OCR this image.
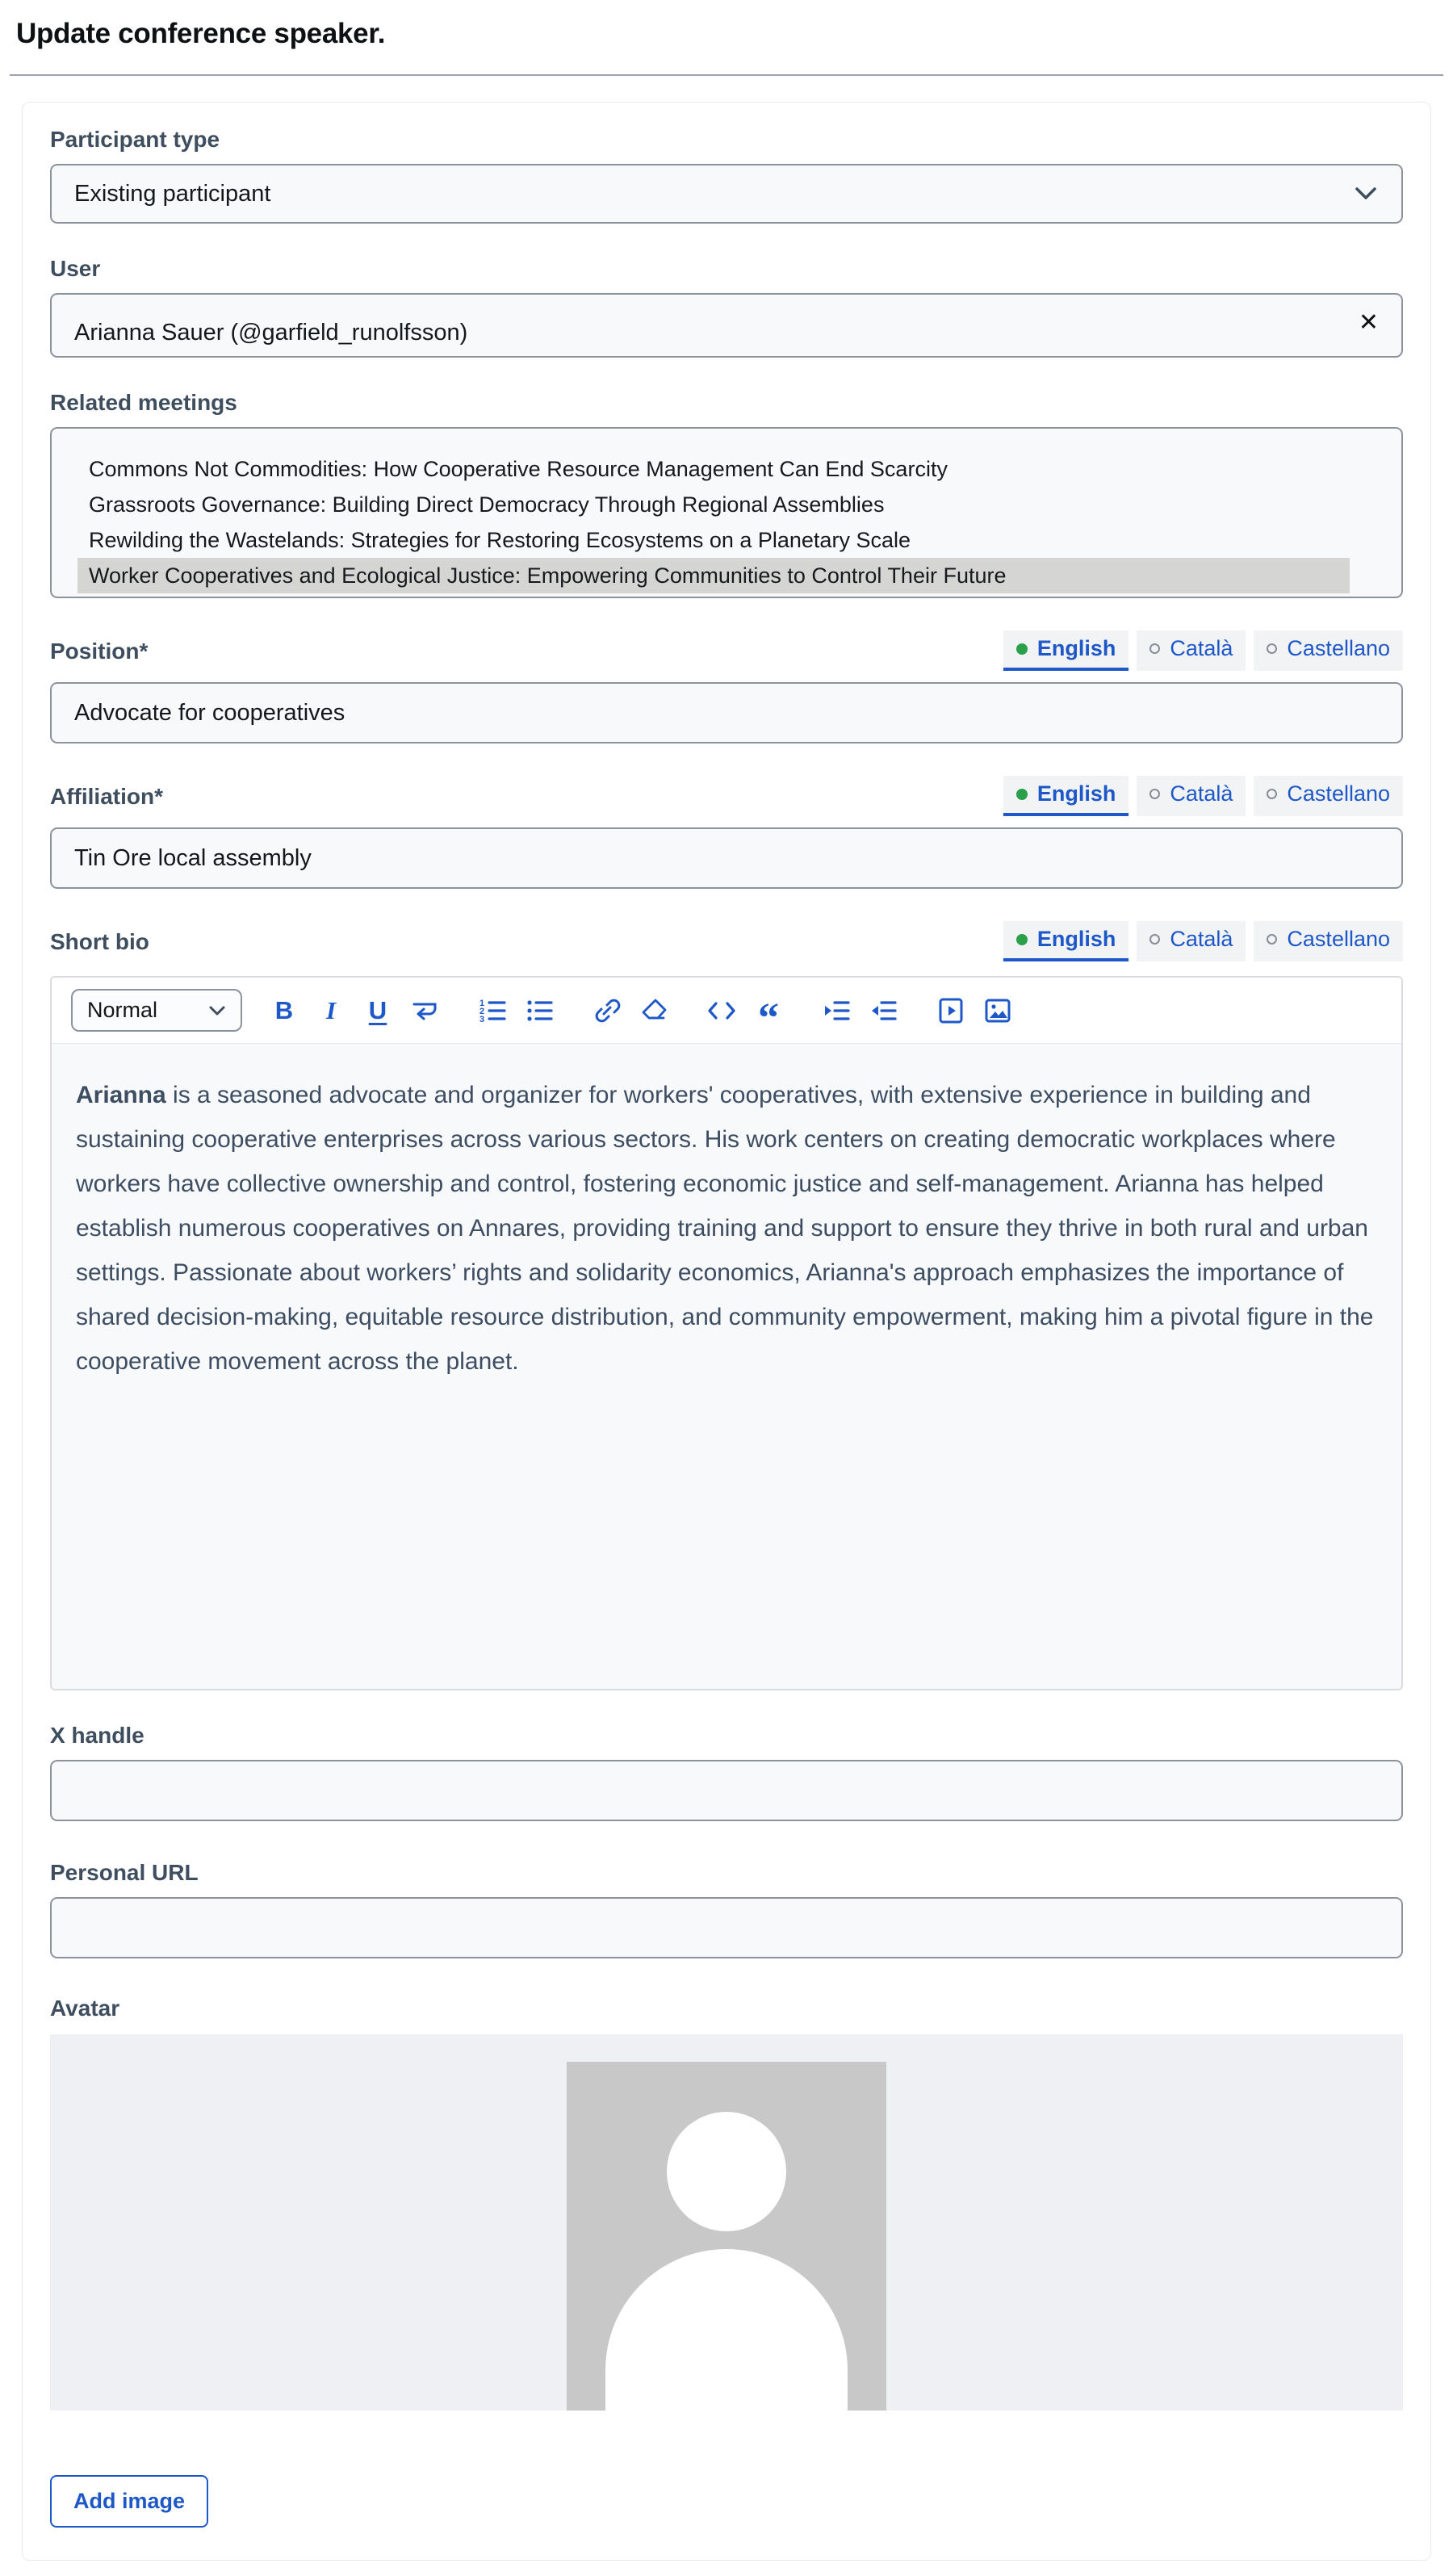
Update conference speaker.
Participant type
Existing participant
User
Arianna Sauer (@garfield_runolfsson)	✕
Related meetings
Commons Not Commodities: How Cooperative Resource Management Can End Scarcity
Grassroots Governance: Building Direct Democracy Through Regional Assemblies
Rewilding the Wastelands: Strategies for Restoring Ecosystems on a Planetary Scale
Worker Cooperatives and Ecological Justice: Empowering Communities to Control Their Future
Position*	English Català Castellano
Advocate for cooperatives
Affiliation*	English Català Castellano
Tin Ore local assembly
Short bio	English Català Castellano
Normal	B I U	1
2
3	“
Arianna is a seasoned advocate and organizer for workers' cooperatives, with extensive experience in building and sustaining cooperative enterprises across various sectors. His work centers on creating democratic workplaces where workers have collective ownership and control, fostering economic justice and self-management. Arianna has helped establish numerous cooperatives on Annares, providing training and support to ensure they thrive in both rural and urban settings. Passionate about workers’ rights and solidarity economics, Arianna's approach emphasizes the importance of shared decision-making, equitable resource distribution, and community empowerment, making him a pivotal figure in the cooperative movement across the planet.
X handle
Personal URL
Avatar
Add image
